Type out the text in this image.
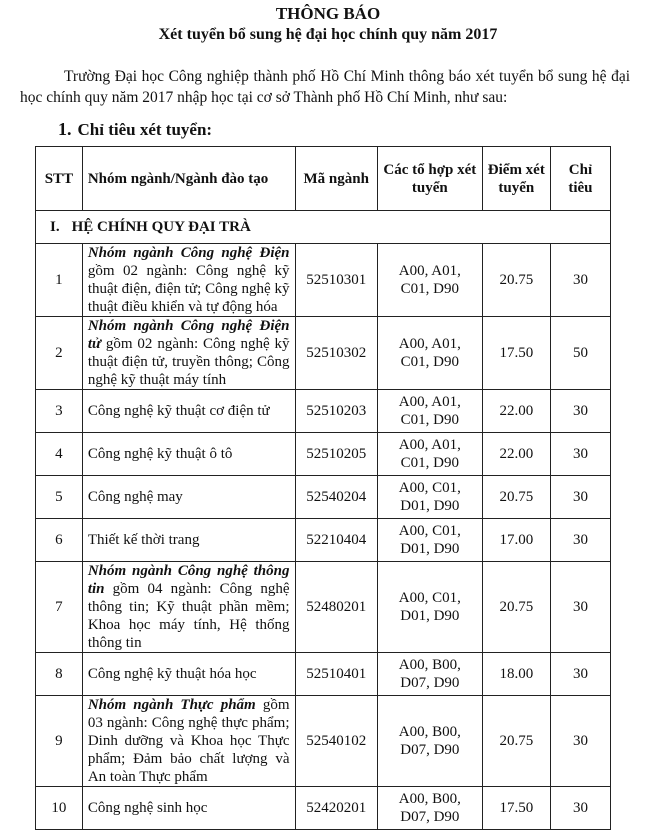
THÔNG BÁO
Xét tuyển bổ sung hệ đại học chính quy năm 2017
Trường Đại học Công nghiệp thành phố Hồ Chí Minh thông báo xét tuyển bổ sung hệ đại học chính quy năm 2017 nhập học tại cơ sở Thành phố Hồ Chí Minh, như sau:
1. Chỉ tiêu xét tuyển:
STT	Nhóm ngành/Ngành đào tạo	Mã ngành	Các tổ hợp xét tuyển	Điểm xét tuyển	Chỉ tiêu
I. HỆ CHÍNH QUY ĐẠI TRÀ					
1	Nhóm ngành Công nghệ Điện gồm 02 ngành: Công nghệ kỹ thuật điện, điện tử; Công nghệ kỹ thuật điều khiển và tự động hóa	52510301	A00, A01, C01, D90	20.75	30
2	Nhóm ngành Công nghệ Điện tử gồm 02 ngành: Công nghệ kỹ thuật điện tử, truyền thông; Công nghệ kỹ thuật máy tính	52510302	A00, A01, C01, D90	17.50	50
3	Công nghệ kỹ thuật cơ điện tử	52510203	A00, A01, C01, D90	22.00	30
4	Công nghệ kỹ thuật ô tô	52510205	A00, A01, C01, D90	22.00	30
5	Công nghệ may	52540204	A00, C01, D01, D90	20.75	30
6	Thiết kế thời trang	52210404	A00, C01, D01, D90	17.00	30
7	Nhóm ngành Công nghệ thông tin gồm 04 ngành: Công nghệ thông tin; Kỹ thuật phần mềm; Khoa học máy tính, Hệ thống thông tin	52480201	A00, C01, D01, D90	20.75	30
8	Công nghệ kỹ thuật hóa học	52510401	A00, B00, D07, D90	18.00	30
9	Nhóm ngành Thực phẩm gồm 03 ngành: Công nghệ thực phẩm; Dinh dưỡng và Khoa học Thực phẩm; Đảm bảo chất lượng và An toàn Thực phẩm	52540102	A00, B00, D07, D90	20.75	30
10	Công nghệ sinh học	52420201	A00, B00, D07, D90	17.50	30
